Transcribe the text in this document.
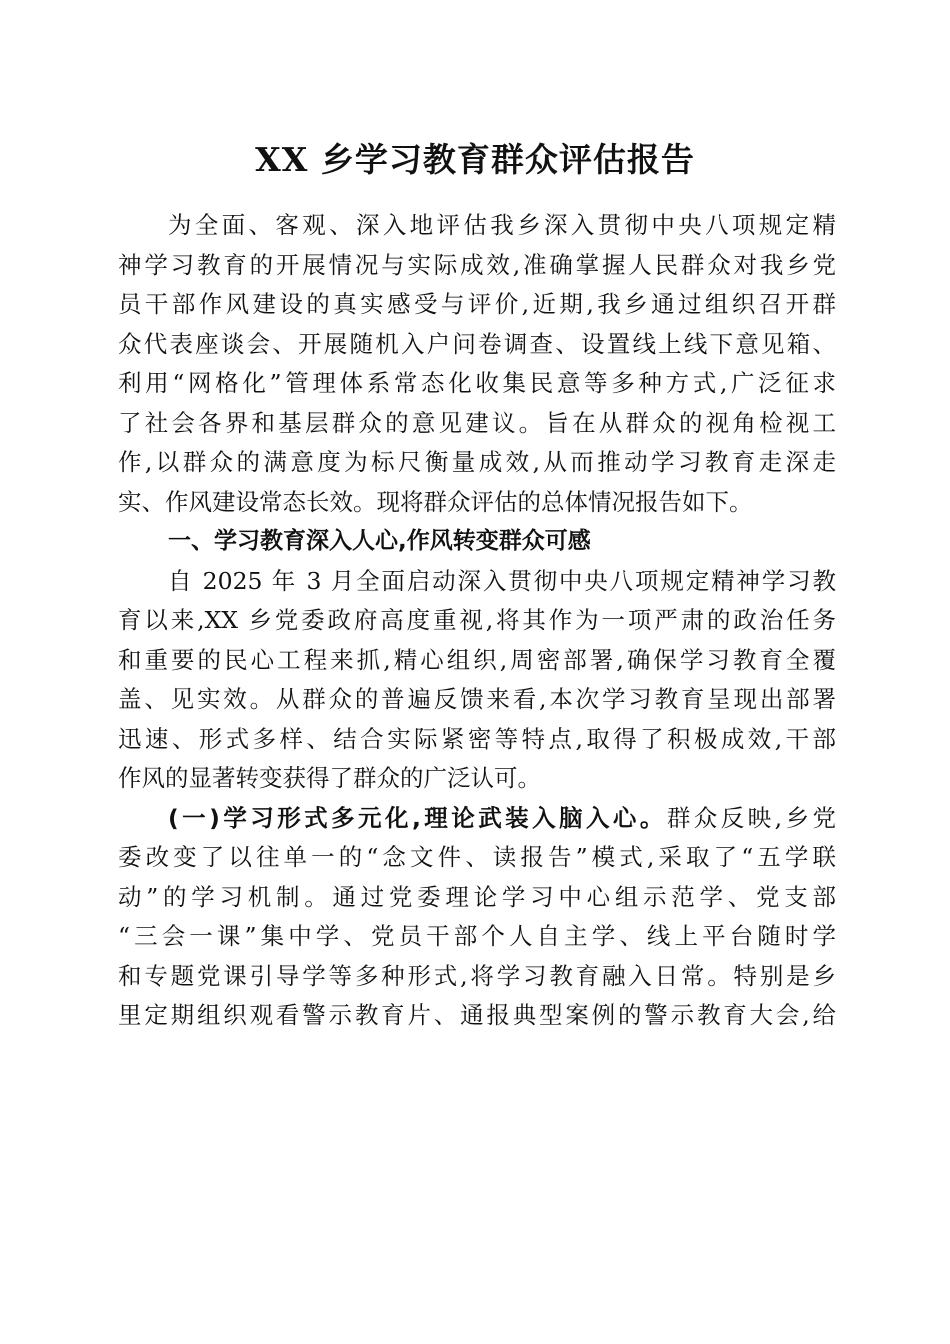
XX 乡学习教育群众评估报告
为全面、客观、深入地评估我乡深入贯彻中央八项规定精
神学习教育的开展情况与实际成效,准确掌握人民群众对我乡党
员干部作风建设的真实感受与评价,近期,我乡通过组织召开群
众代表座谈会、开展随机入户问卷调查、设置线上线下意见箱、
利用“网格化”管理体系常态化收集民意等多种方式,广泛征求
了社会各界和基层群众的意见建议。旨在从群众的视角检视工
作,以群众的满意度为标尺衡量成效,从而推动学习教育走深走
实、作风建设常态长效。现将群众评估的总体情况报告如下。
一、学习教育深入人心,作风转变群众可感
自 2025 年 3 月全面启动深入贯彻中央八项规定精神学习教
育以来,XX 乡党委政府高度重视,将其作为一项严肃的政治任务
和重要的民心工程来抓,精心组织,周密部署,确保学习教育全覆
盖、见实效。从群众的普遍反馈来看,本次学习教育呈现出部署
迅速、形式多样、结合实际紧密等特点,取得了积极成效,干部
作风的显著转变获得了群众的广泛认可。
(一)学习形式多元化,理论武装入脑入心。群众反映,乡党
委改变了以往单一的“念文件、读报告”模式,采取了“五学联
动”的学习机制。通过党委理论学习中心组示范学、党支部
“三会一课”集中学、党员干部个人自主学、线上平台随时学
和专题党课引导学等多种形式,将学习教育融入日常。特别是乡
里定期组织观看警示教育片、通报典型案例的警示教育大会,给
